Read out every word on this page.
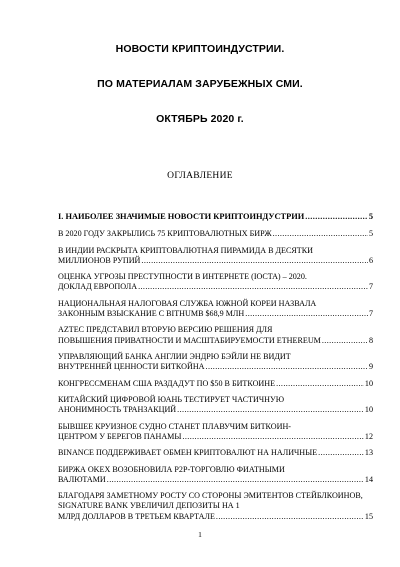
НОВОСТИ КРИПТОИНДУСТРИИ.
ПО МАТЕРИАЛАМ ЗАРУБЕЖНЫХ СМИ.
ОКТЯБРЬ 2020 г.
ОГЛАВЛЕНИЕ
I. НАИБОЛЕЕ ЗНАЧИМЫЕ НОВОСТИ КРИПТОИНДУСТРИИ .....	5
В 2020 ГОДУ ЗАКРЫЛИСЬ 75 КРИПТОВАЛЮТНЫХ БИРЖ .....	5
В ИНДИИ РАСКРЫТА КРИПТОВАЛЮТНАЯ ПИРАМИДА В ДЕСЯТКИ
МИЛЛИОНОВ РУПИЙ .....	6
ОЦЕНКА УГРОЗЫ ПРЕСТУПНОСТИ В ИНТЕРНЕТЕ (IOCTA) – 2020.
ДОКЛАД ЕВРОПОЛА .....	7
НАЦИОНАЛЬНАЯ НАЛОГОВАЯ СЛУЖБА ЮЖНОЙ КОРЕИ НАЗВАЛА
ЗАКОННЫМ ВЗЫСКАНИЕ С BITHUMB $68,9 МЛН .....	7
AZTEC ПРЕДСТАВИЛ ВТОРУЮ ВЕРСИЮ РЕШЕНИЯ ДЛЯ
ПОВЫШЕНИЯ ПРИВАТНОСТИ И МАСШТАБИРУЕМОСТИ ETHEREUM .....	8
УПРАВЛЯЮЩИЙ БАНКА АНГЛИИ ЭНДРЮ БЭЙЛИ НЕ ВИДИТ
ВНУТРЕННЕЙ ЦЕННОСТИ БИТКОЙНА .....	9
КОНГРЕССМЕНАМ США РАЗДАДУТ ПО $50 В БИТКОИНЕ .....	10
КИТАЙСКИЙ ЦИФРОВОЙ ЮАНЬ ТЕСТИРУЕТ ЧАСТИЧНУЮ
АНОНИМНОСТЬ ТРАНЗАКЦИЙ .....	10
БЫВШЕЕ КРУИЗНОЕ СУДНО СТАНЕТ ПЛАВУЧИМ БИТКОИН-
ЦЕНТРОМ У БЕРЕГОВ ПАНАМЫ .....	12
BINANCE ПОДДЕРЖИВАЕТ ОБМЕН КРИПТОВАЛЮТ НА НАЛИЧНЫЕ .....	13
БИРЖА OKEX ВОЗОБНОВИЛА P2P-ТОРГОВЛЮ ФИАТНЫМИ
ВАЛЮТАМИ .....	14
БЛАГОДАРЯ ЗАМЕТНОМУ РОСТУ СО СТОРОНЫ ЭМИТЕНТОВ СТЕЙБЛКОИНОВ, SIGNATURE BANK УВЕЛИЧИЛ ДЕПОЗИТЫ НА 1
МЛРД ДОЛЛАРОВ В ТРЕТЬЕМ КВАРТАЛЕ .....	15
1
